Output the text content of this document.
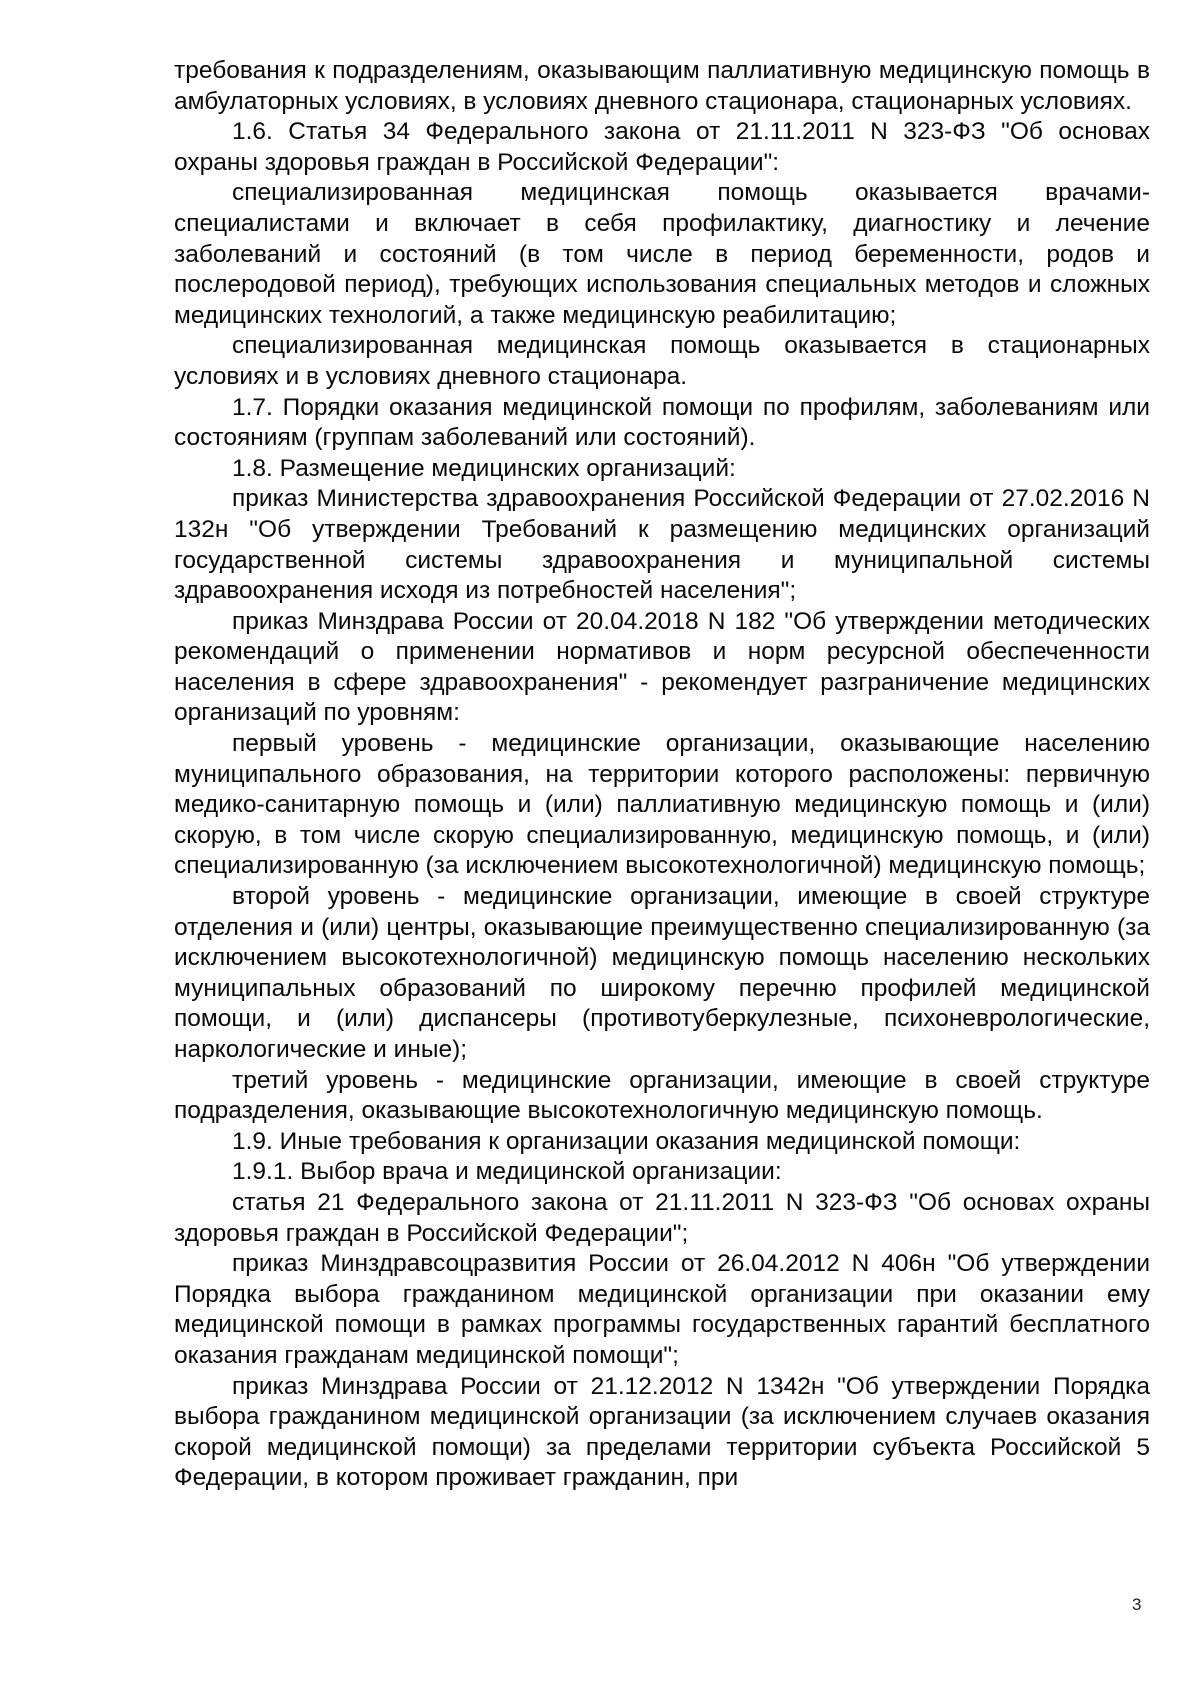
требования к подразделениям, оказывающим паллиативную медицинскую помощь в амбулаторных условиях, в условиях дневного стационара, стационарных условиях.

1.6. Статья 34 Федерального закона от 21.11.2011 N 323-ФЗ "Об основах охраны здоровья граждан в Российской Федерации":

специализированная медицинская помощь оказывается врачами-специалистами и включает в себя профилактику, диагностику и лечение заболеваний и состояний (в том числе в период беременности, родов и послеродовой период), требующих использования специальных методов и сложных медицинских технологий, а также медицинскую реабилитацию;

специализированная медицинская помощь оказывается в стационарных условиях и в условиях дневного стационара.

1.7. Порядки оказания медицинской помощи по профилям, заболеваниям или состояниям (группам заболеваний или состояний).

1.8. Размещение медицинских организаций:

приказ Министерства здравоохранения Российской Федерации от 27.02.2016 N 132н "Об утверждении Требований к размещению медицинских организаций государственной системы здравоохранения и муниципальной системы здравоохранения исходя из потребностей населения";

приказ Минздрава России от 20.04.2018 N 182 "Об утверждении методических рекомендаций о применении нормативов и норм ресурсной обеспеченности населения в сфере здравоохранения" - рекомендует разграничение медицинских организаций по уровням:

первый уровень - медицинские организации, оказывающие населению муниципального образования, на территории которого расположены: первичную медико-санитарную помощь и (или) паллиативную медицинскую помощь и (или) скорую, в том числе скорую специализированную, медицинскую помощь, и (или) специализированную (за исключением высокотехнологичной) медицинскую помощь;

второй уровень - медицинские организации, имеющие в своей структуре отделения и (или) центры, оказывающие преимущественно специализированную (за исключением высокотехнологичной) медицинскую помощь населению нескольких муниципальных образований по широкому перечню профилей медицинской помощи, и (или) диспансеры (противотуберкулезные, психоневрологические, наркологические и иные);

третий уровень - медицинские организации, имеющие в своей структуре подразделения, оказывающие высокотехнологичную медицинскую помощь.

1.9. Иные требования к организации оказания медицинской помощи:

1.9.1. Выбор врача и медицинской организации:

статья 21 Федерального закона от 21.11.2011 N 323-ФЗ "Об основах охраны здоровья граждан в Российской Федерации";

приказ Минздравсоцразвития России от 26.04.2012 N 406н "Об утверждении Порядка выбора гражданином медицинской организации при оказании ему медицинской помощи в рамках программы государственных гарантий бесплатного оказания гражданам медицинской помощи";

приказ Минздрава России от 21.12.2012 N 1342н "Об утверждении Порядка выбора гражданином медицинской организации (за исключением случаев оказания скорой медицинской помощи) за пределами территории субъекта Российской 5 Федерации, в котором проживает гражданин, при

3
